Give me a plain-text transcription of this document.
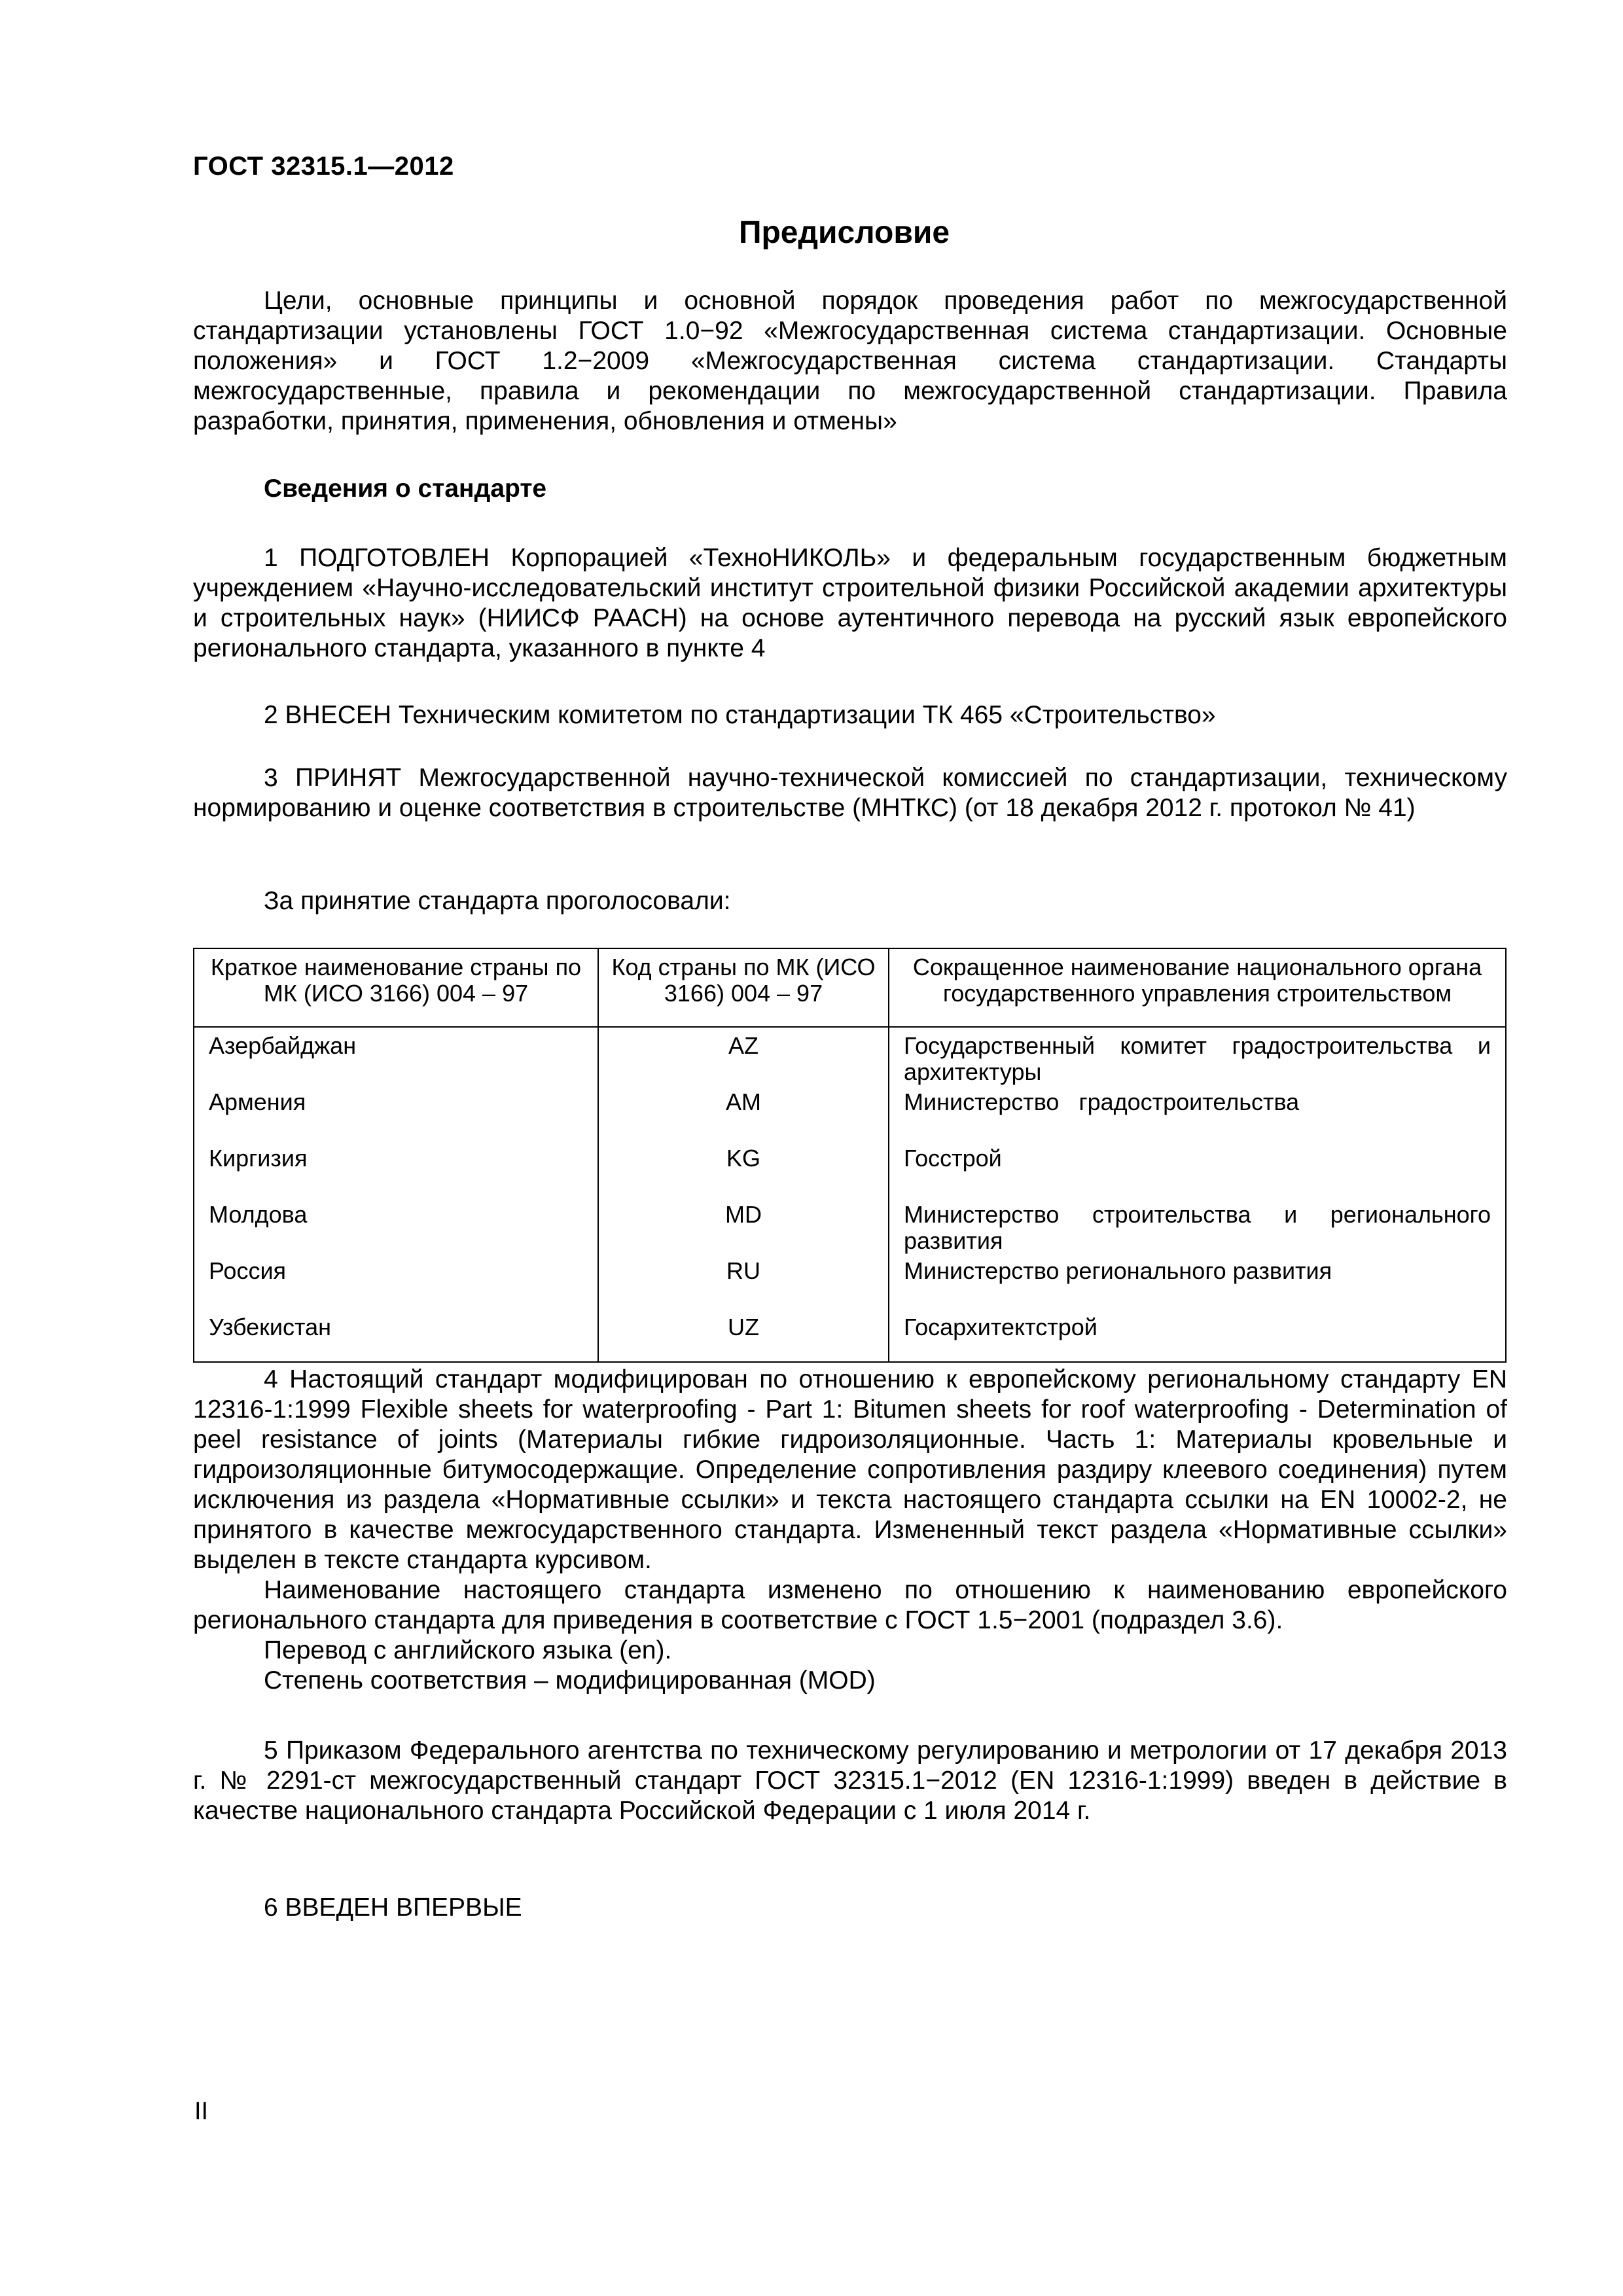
ГОСТ 32315.1—2012
Предисловие

Цели, основные принципы и основной порядок проведения работ по межгосударственной стандартизации установлены ГОСТ 1.0−92 «Межгосударственная система стандартизации. Основные положения» и ГОСТ 1.2−2009 «Межгосударственная система стандартизации. Стандарты межгосударственные, правила и рекомендации по межгосударственной стандартизации. Правила разработки, принятия, применения, обновления и отмены»

Сведения о стандарте

1 ПОДГОТОВЛЕН Корпорацией «ТехноНИКОЛЬ» и федеральным государственным бюджетным учреждением «Научно-исследовательский институт строительной физики Российской академии архитектуры и строительных наук» (НИИСФ РААСН) на основе аутентичного перевода на русский язык европейского регионального стандарта, указанного в пункте 4

2 ВНЕСЕН Техническим комитетом по стандартизации ТК 465 «Строительство»

3 ПРИНЯТ Межгосударственной научно-технической комиссией по стандартизации, техническому нормированию и оценке соответствия в строительстве (МНТКС) (от 18 декабря 2012 г. протокол № 41)

За принятие стандарта проголосовали:

Краткое наименование страны по МК (ИСО 3166) 004 – 97	Код страны по МК (ИСО 3166) 004 – 97	Сокращенное наименование национального органа государственного управления строительством
Азербайджан	AZ	Государственный комитет градостроительства и архитектуры
Армения	AM	Министерство   градостроительства
Киргизия	KG	Госстрой
Молдова	MD	Министерство строительства и регионального развития
Россия	RU	Министерство регионального развития
Узбекистан	UZ	Госархитектстрой

4 Настоящий стандарт модифицирован по отношению к европейскому региональному стандарту EN 12316-1:1999 Flexible sheets for waterproofing - Part 1: Bitumen sheets for roof waterproofing - Determination of peel resistance of joints (Материалы гибкие гидроизоляционные. Часть 1: Материалы кровельные и гидроизоляционные битумосодержащие. Определение сопротивления раздиру клеевого соединения) путем исключения из раздела «Нормативные ссылки» и текста настоящего стандарта ссылки на EN 10002-2, не принятого в качестве межгосударственного стандарта. Измененный текст раздела «Нормативные ссылки» выделен в тексте стандарта курсивом.

Наименование настоящего стандарта изменено по отношению к наименованию европейского регионального стандарта для приведения в соответствие с ГОСТ 1.5−2001 (подраздел 3.6).

Перевод с английского языка (en).

Степень соответствия – модифицированная (MOD)

5 Приказом Федерального агентства по техническому регулированию и метрологии от 17 декабря 2013 г. № 2291-ст межгосударственный стандарт ГОСТ 32315.1−2012 (EN 12316-1:1999) введен в действие в качестве национального стандарта Российской Федерации с 1 июля 2014 г.

6 ВВЕДЕН ВПЕРВЫЕ

II
